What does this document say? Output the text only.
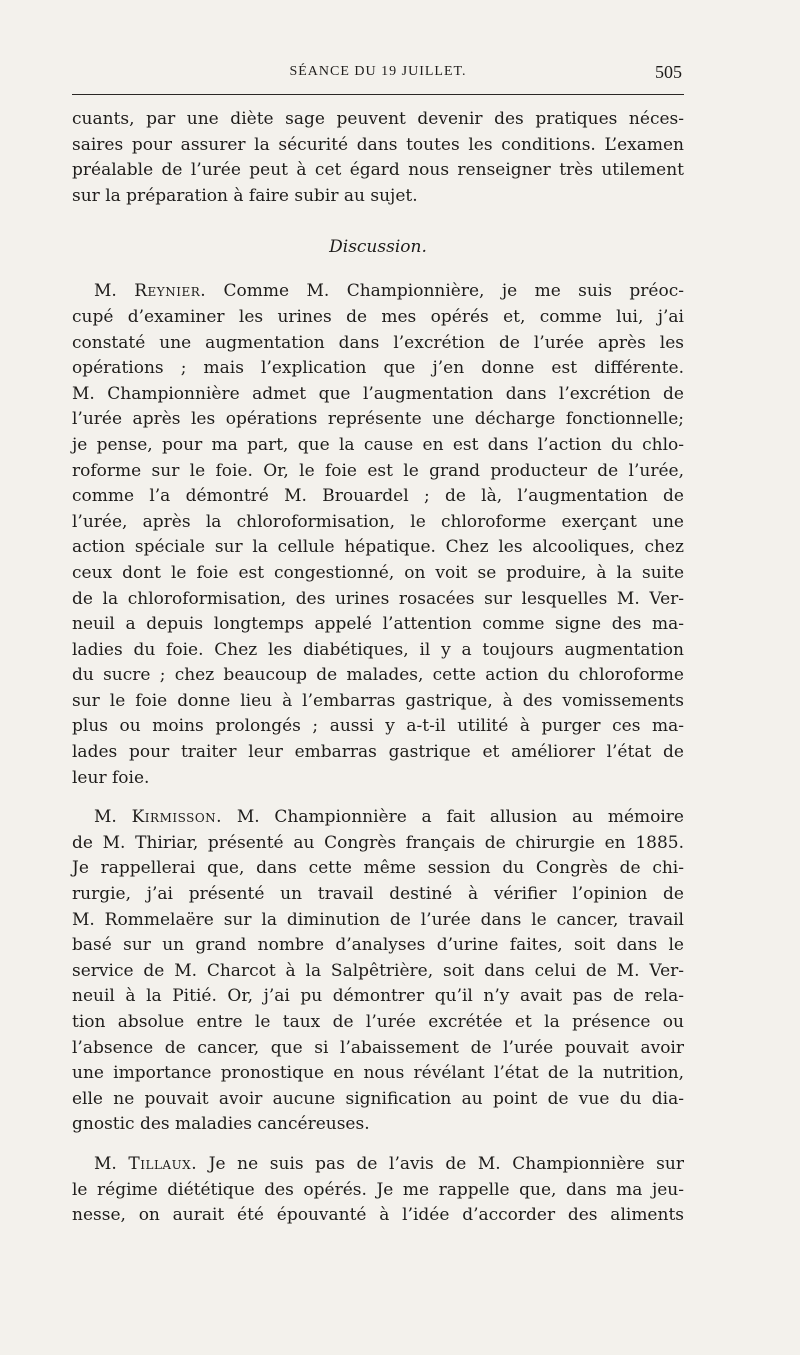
SÉANCE DU 19 JUILLET.	505
cuants, par une diète sage peuvent devenir des pratiques néces-
saires pour assurer la sécurité dans toutes les conditions. L’examen
préalable de l’urée peut à cet égard nous renseigner très utilement
sur la préparation à faire subir au sujet.
Discussion.
M. Reynier. Comme M. Championnière, je me suis préoc-
cupé d’examiner les urines de mes opérés et, comme lui, j’ai
constaté une augmentation dans l’excrétion de l’urée après les
opérations ; mais l’explication que j’en donne est différente.
M. Championnière admet que l’augmentation dans l’excrétion de
l’urée après les opérations représente une décharge fonctionnelle;
je pense, pour ma part, que la cause en est dans l’action du chlo-
roforme sur le foie. Or, le foie est le grand producteur de l’urée,
comme l’a démontré M. Brouardel ; de là, l’augmentation de
l’urée, après la chloroformisation, le chloroforme exerçant une
action spéciale sur la cellule hépatique. Chez les alcooliques, chez
ceux dont le foie est congestionné, on voit se produire, à la suite
de la chloroformisation, des urines rosacées sur lesquelles M. Ver-
neuil a depuis longtemps appelé l’attention comme signe des ma-
ladies du foie. Chez les diabétiques, il y a toujours augmentation
du sucre ; chez beaucoup de malades, cette action du chloroforme
sur le foie donne lieu à l’embarras gastrique, à des vomissements
plus ou moins prolongés ; aussi y a-t-il utilité à purger ces ma-
lades pour traiter leur embarras gastrique et améliorer l’état de
leur foie.
M. Kirmisson. M. Championnière a fait allusion au mémoire
de M. Thiriar, présenté au Congrès français de chirurgie en 1885.
Je rappellerai que, dans cette même session du Congrès de chi-
rurgie, j’ai présenté un travail destiné à vérifier l’opinion de
M. Rommelaëre sur la diminution de l’urée dans le cancer, travail
basé sur un grand nombre d’analyses d’urine faites, soit dans le
service de M. Charcot à la Salpêtrière, soit dans celui de M. Ver-
neuil à la Pitié. Or, j’ai pu démontrer qu’il n’y avait pas de rela-
tion absolue entre le taux de l’urée excrétée et la présence ou
l’absence de cancer, que si l’abaissement de l’urée pouvait avoir
une importance pronostique en nous révélant l’état de la nutrition,
elle ne pouvait avoir aucune signification au point de vue du dia-
gnostic des maladies cancéreuses.
M. Tillaux. Je ne suis pas de l’avis de M. Championnière sur
le régime diététique des opérés. Je me rappelle que, dans ma jeu-
nesse, on aurait été épouvanté à l’idée d’accorder des aliments
